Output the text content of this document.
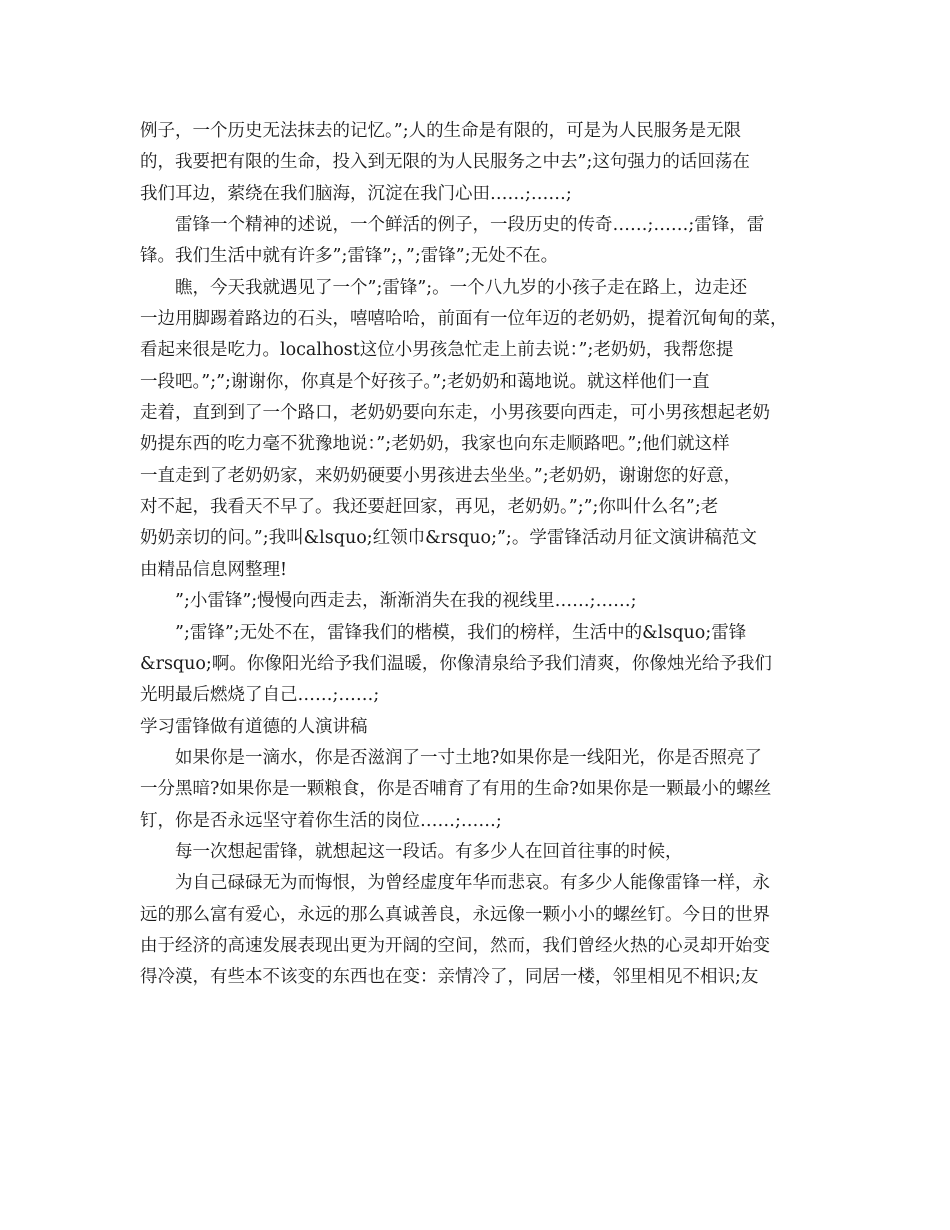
例子，一个历史无法抹去的记忆。”;人的生命是有限的，可是为人民服务是无限
的，我要把有限的生命，投入到无限的为人民服务之中去”;这句强力的话回荡在
我们耳边，萦绕在我们脑海，沉淀在我门心田……;……;
雷锋一个精神的述说，一个鲜活的例子，一段历史的传奇……;……;雷锋，雷
锋。我们生活中就有许多”;雷锋”;，”;雷锋”;无处不在。
瞧，今天我就遇见了一个”;雷锋”;。一个八九岁的小孩子走在路上，边走还
一边用脚踢着路边的石头，嘻嘻哈哈，前面有一位年迈的老奶奶，提着沉甸甸的菜，
看起来很是吃力。localhost这位小男孩急忙走上前去说：”;老奶奶，我帮您提
一段吧。”;”;谢谢你，你真是个好孩子。”;老奶奶和蔼地说。就这样他们一直
走着，直到到了一个路口，老奶奶要向东走，小男孩要向西走，可小男孩想起老奶
奶提东西的吃力毫不犹豫地说：”;老奶奶，我家也向东走顺路吧。”;他们就这样
一直走到了老奶奶家，来奶奶硬要小男孩进去坐坐。”;老奶奶，谢谢您的好意，
对不起，我看天不早了。我还要赶回家，再见，老奶奶。”;”;你叫什么名”;老
奶奶亲切的问。”;我叫&lsquo;红领巾&rsquo;”;。学雷锋活动月征文演讲稿范文
由精品信息网整理!
”;小雷锋”;慢慢向西走去，渐渐消失在我的视线里……;……;
”;雷锋”;无处不在，雷锋我们的楷模，我们的榜样，生活中的&lsquo;雷锋
&rsquo;啊。你像阳光给予我们温暖，你像清泉给予我们清爽，你像烛光给予我们
光明最后燃烧了自己……;……;
学习雷锋做有道德的人演讲稿
如果你是一滴水，你是否滋润了一寸土地?如果你是一线阳光，你是否照亮了
一分黑暗?如果你是一颗粮食，你是否哺育了有用的生命?如果你是一颗最小的螺丝
钉，你是否永远坚守着你生活的岗位……;……;
每一次想起雷锋，就想起这一段话。有多少人在回首往事的时候，
为自己碌碌无为而悔恨，为曾经虚度年华而悲哀。有多少人能像雷锋一样，永
远的那么富有爱心，永远的那么真诚善良，永远像一颗小小的螺丝钉。今日的世界
由于经济的高速发展表现出更为开阔的空间，然而，我们曾经火热的心灵却开始变
得冷漠，有些本不该变的东西也在变：亲情冷了，同居一楼，邻里相见不相识;友
